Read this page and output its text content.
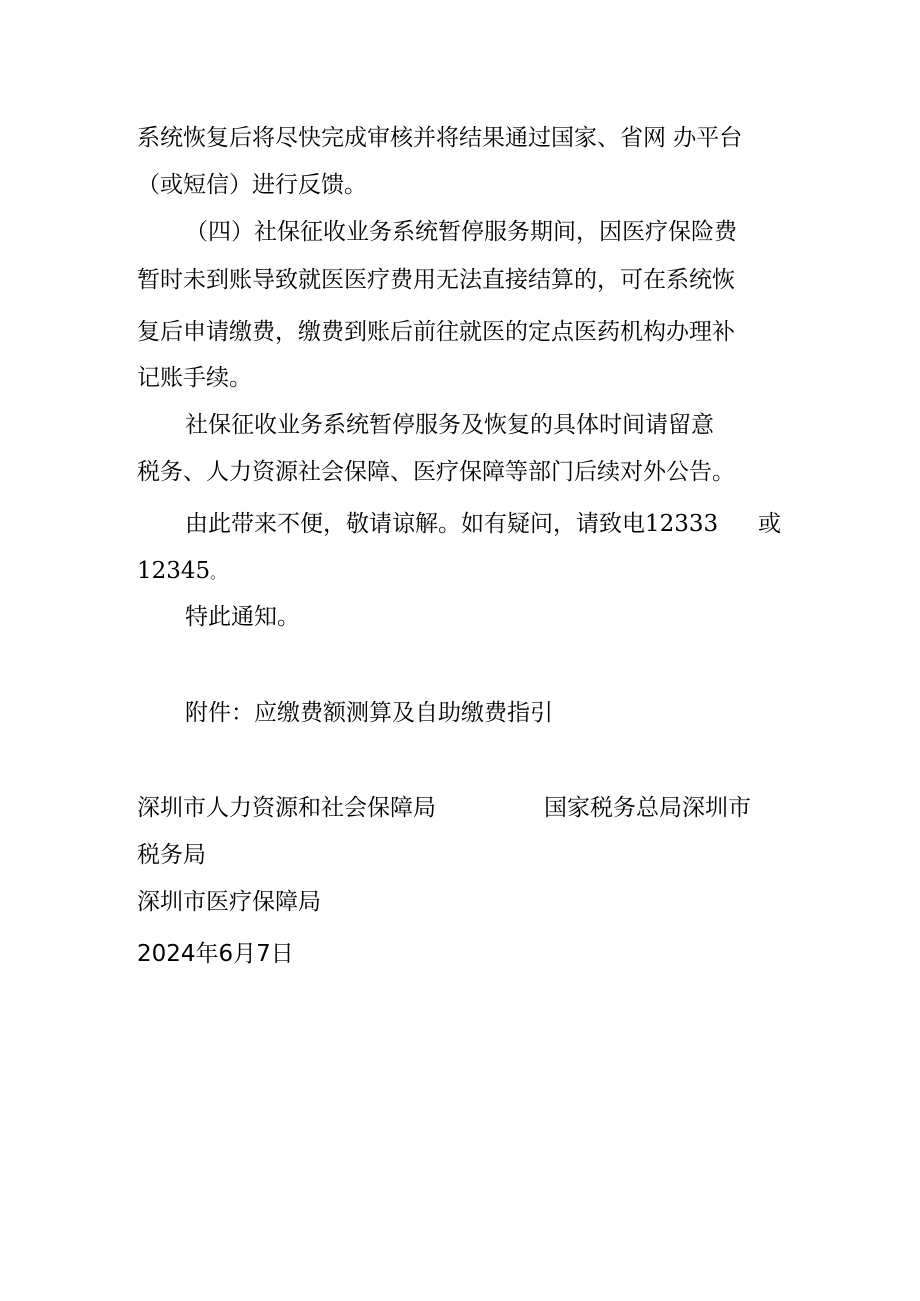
系统恢复后将尽快完成审核并将结果通过国家、省网 办平台
（或短信）进行反馈。
（四）社保征收业务系统暂停服务期间，因医疗保险费
暂时未到账导致就医医疗费用无法直接结算的，可在系统恢
复后申请缴费，缴费到账后前往就医的定点医药机构办理补
记账手续。
社保征收业务系统暂停服务及恢复的具体时间请留意
税务、人力资源社会保障、医疗保障等部门后续对外公告。
由此带来不便，敬请谅解。如有疑问，请致电12333 或
12345。
特此通知。
附件：应缴费额测算及自助缴费指引
深圳市人力资源和社会保障局	国家税务总局深圳市
税务局
深圳市医疗保障局
2024年6月7日
